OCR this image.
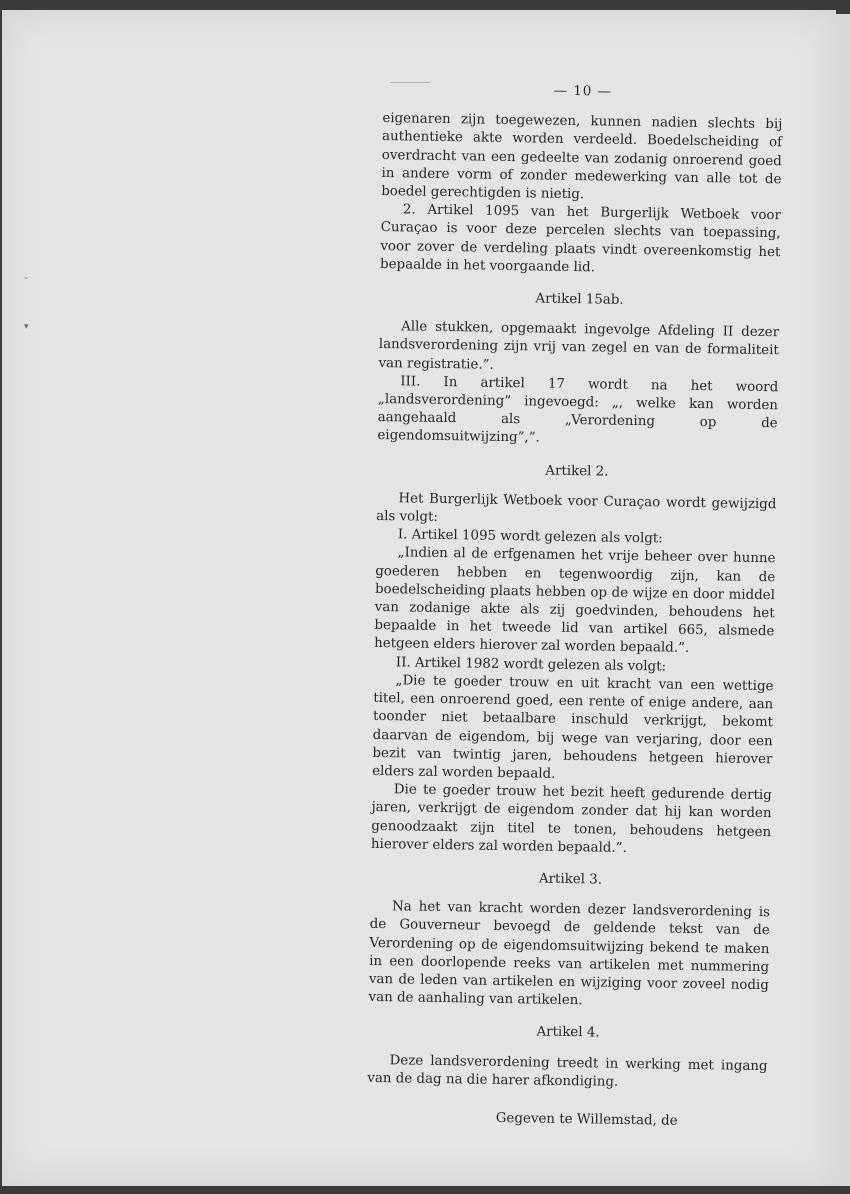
ˇ
▾
— 10 —

eigenaren zijn toegewezen, kunnen nadien slechts bij authentieke akte worden verdeeld. Boedelscheiding of overdracht van een gedeelte van zodanig onroerend goed in andere vorm of zonder medewerking van alle tot de boedel gerechtigden is nietig.

2. Artikel 1095 van het Burgerlijk Wetboek voor Curaçao is voor deze percelen slechts van toepassing, voor zover de verdeling plaats vindt overeenkomstig het bepaalde in het voorgaande lid.

Artikel 15ab.

Alle stukken, opgemaakt ingevolge Afdeling II dezer landsverordening zijn vrij van zegel en van de formaliteit van registratie.”.

III. In artikel 17 wordt na het woord „landsverordening” ingevoegd: „, welke kan worden aangehaald als „Verordening op de eigendomsuitwijzing”,”.

Artikel 2.

Het Burgerlijk Wetboek voor Curaçao wordt gewijzigd als volgt:

I. Artikel 1095 wordt gelezen als volgt:

„Indien al de erfgenamen het vrije beheer over hunne goederen hebben en tegenwoordig zijn, kan de boedelscheiding plaats hebben op de wijze en door middel van zodanige akte als zij goedvinden, behoudens het bepaalde in het tweede lid van artikel 665, alsmede hetgeen elders hierover zal worden bepaald.”.

II. Artikel 1982 wordt gelezen als volgt:

„Die te goeder trouw en uit kracht van een wettige titel, een onroerend goed, een rente of enige andere, aan toonder niet betaalbare inschuld verkrijgt, bekomt daarvan de eigendom, bij wege van verjaring, door een bezit van twintig jaren, behoudens hetgeen hierover elders zal worden bepaald.

Die te goeder trouw het bezit heeft gedurende dertig jaren, verkrijgt de eigendom zonder dat hij kan worden genoodzaakt zijn titel te tonen, behoudens hetgeen hierover elders zal worden bepaald.”.

Artikel 3.

Na het van kracht worden dezer landsverordening is de Gouverneur bevoegd de geldende tekst van de Verordening op de eigendomsuitwijzing bekend te maken in een doorlopende reeks van artikelen met nummering van de leden van artikelen en wijziging voor zoveel nodig van de aanhaling van artikelen.

Artikel 4.

Deze landsverordening treedt in werking met ingang van de dag na die harer afkondiging.

Gegeven te Willemstad, de
